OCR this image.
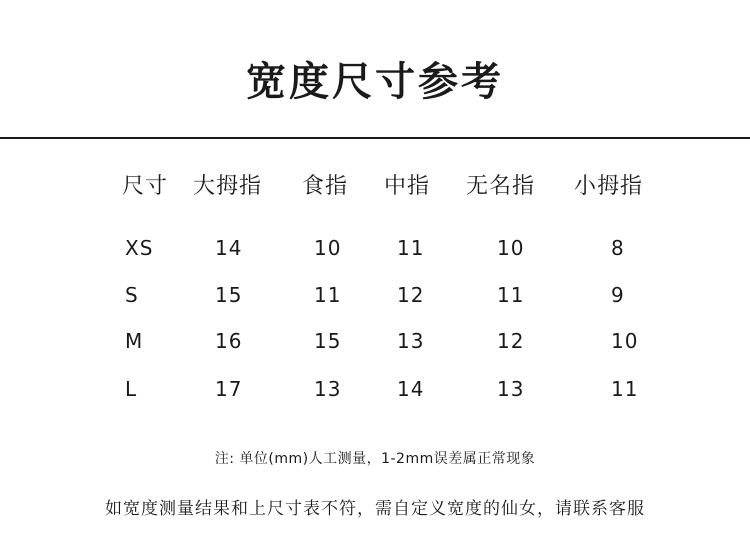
宽度尺寸参考
尺寸 大拇指 食指 中指 无名指 小拇指
XS	14	10	11	10	8
S	15	11	12	11	9
M	16	15	13	12	10
L	17	13	14	13	11
注: 单位(mm)人工测量，1-2mm误差属正常现象
如宽度测量结果和上尺寸表不符，需自定义宽度的仙女，请联系客服
